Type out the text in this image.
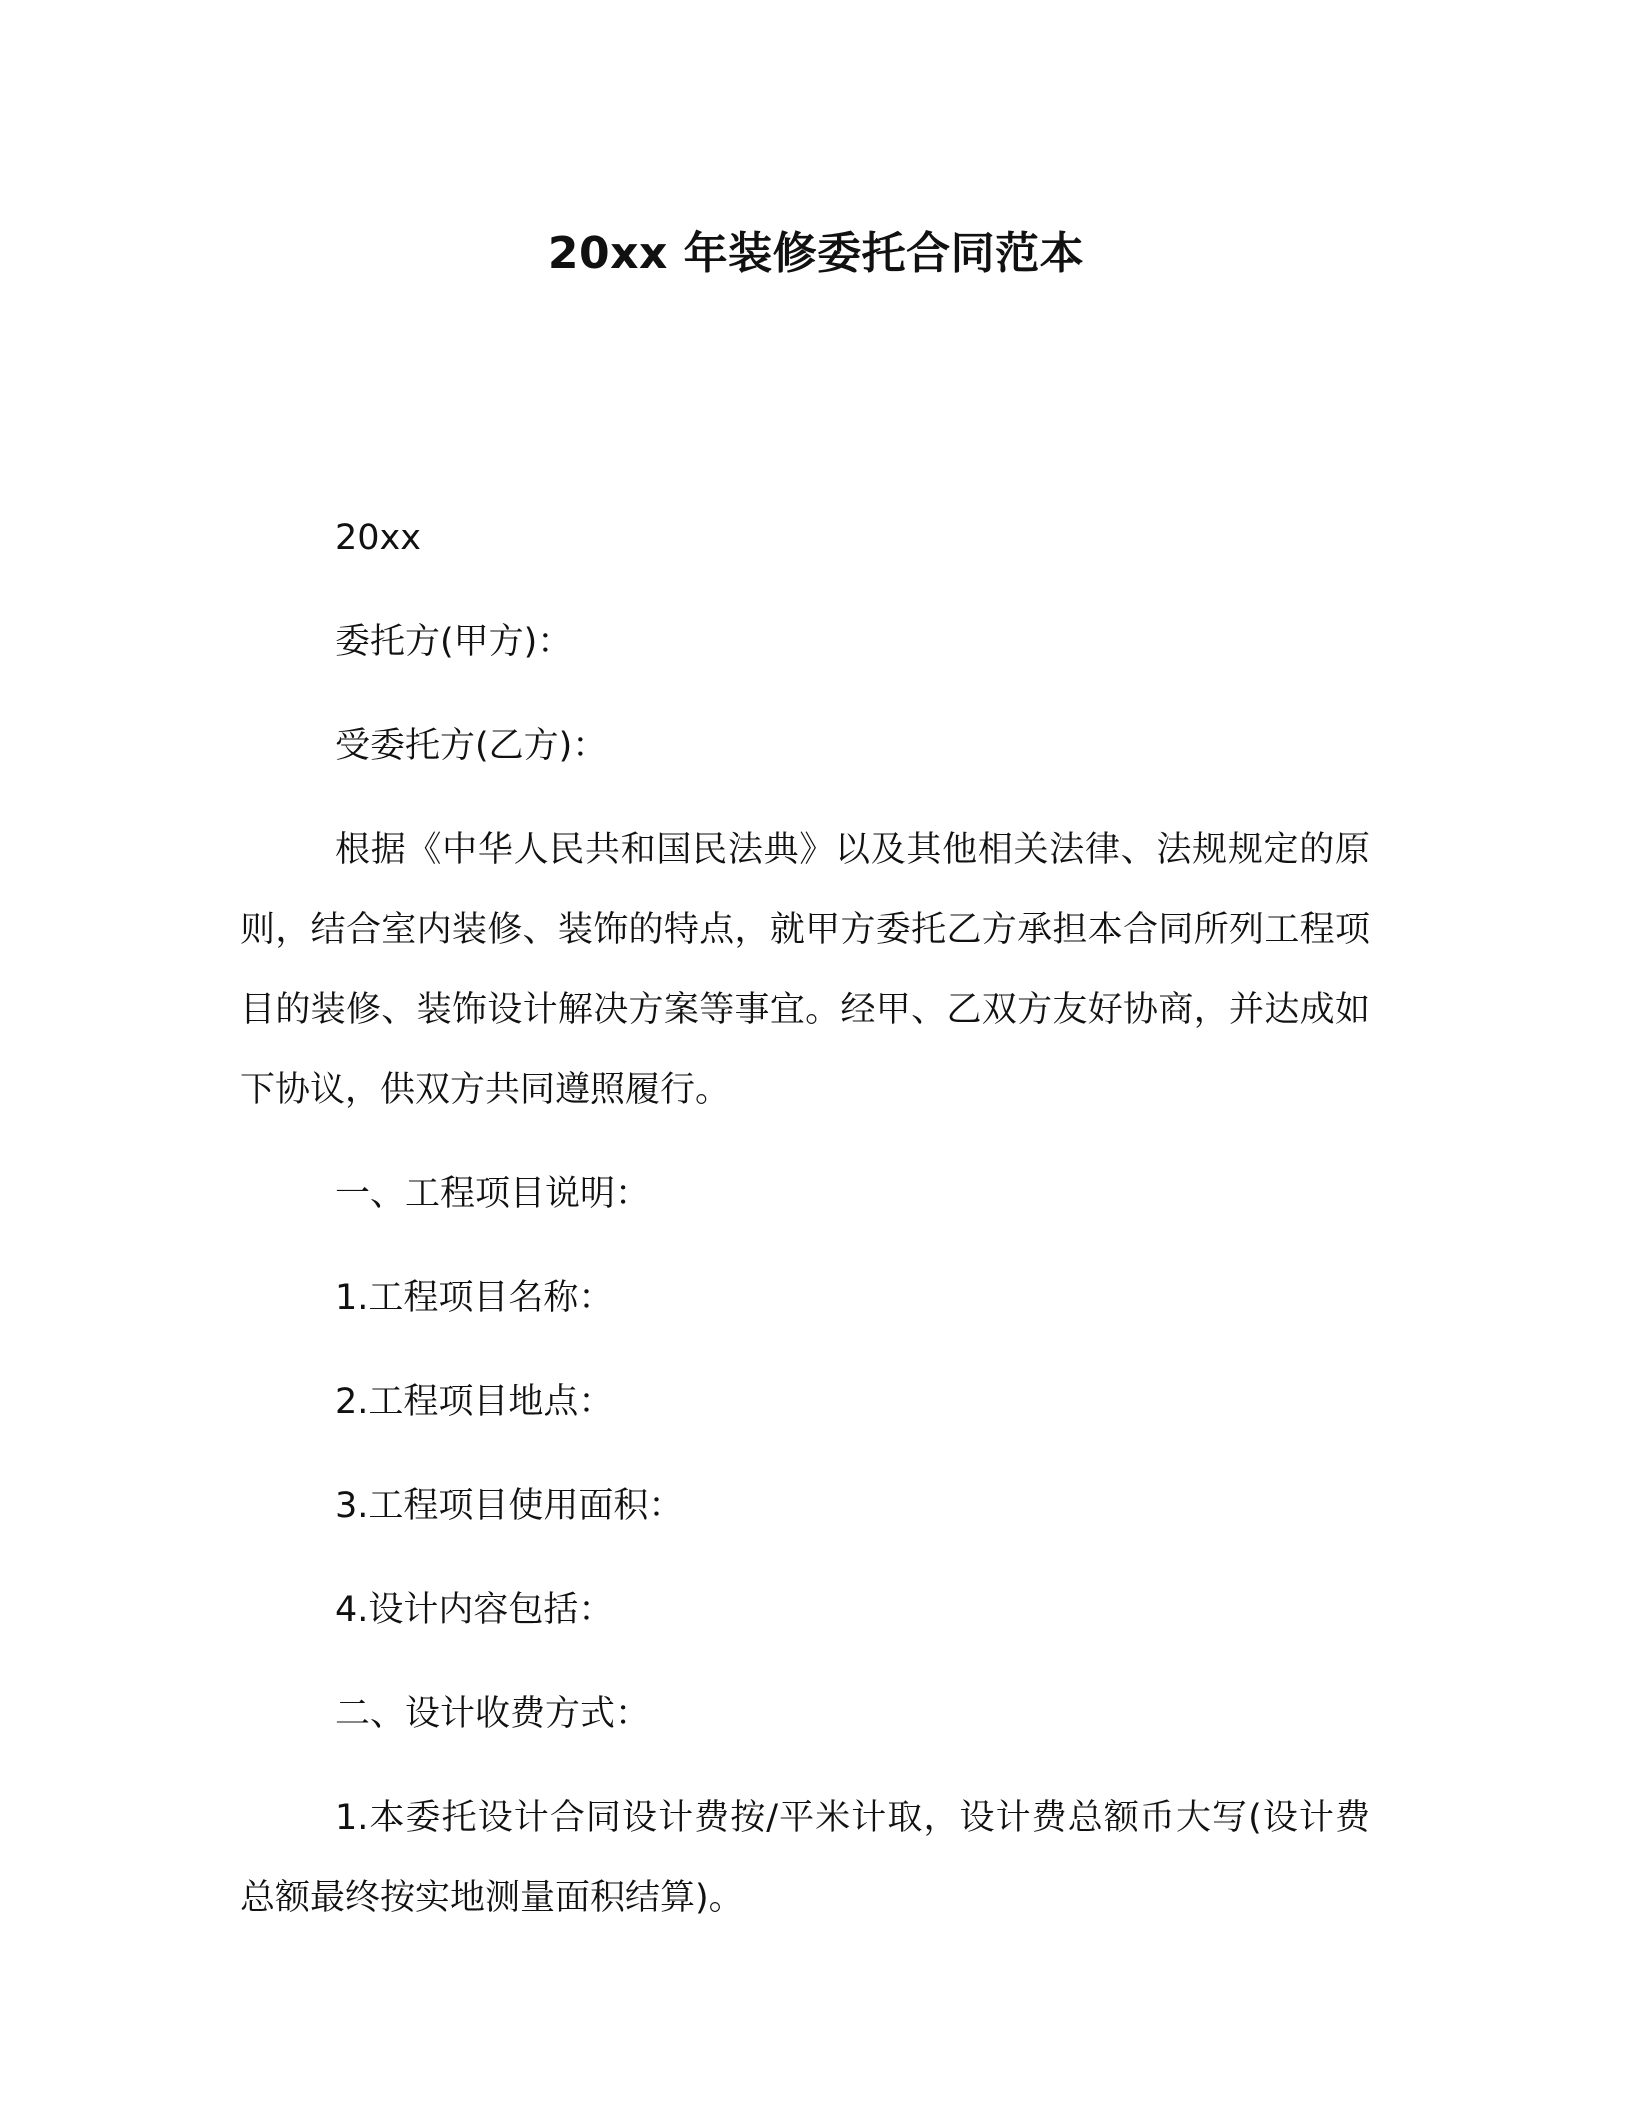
20xx 年装修委托合同范本

20xx

委托方(甲方)：

受委托方(乙方)：

根据《中华人民共和国民法典》以及其他相关法律、法规规定的原则，结合室内装修、装饰的特点，就甲方委托乙方承担本合同所列工程项目的装修、装饰设计解决方案等事宜。经甲、乙双方友好协商，并达成如下协议，供双方共同遵照履行。

一、工程项目说明：

1.工程项目名称：

2.工程项目地点：

3.工程项目使用面积：

4.设计内容包括：

二、设计收费方式：

1.本委托设计合同设计费按/平米计取，设计费总额币大写(设计费总额最终按实地测量面积结算)。
